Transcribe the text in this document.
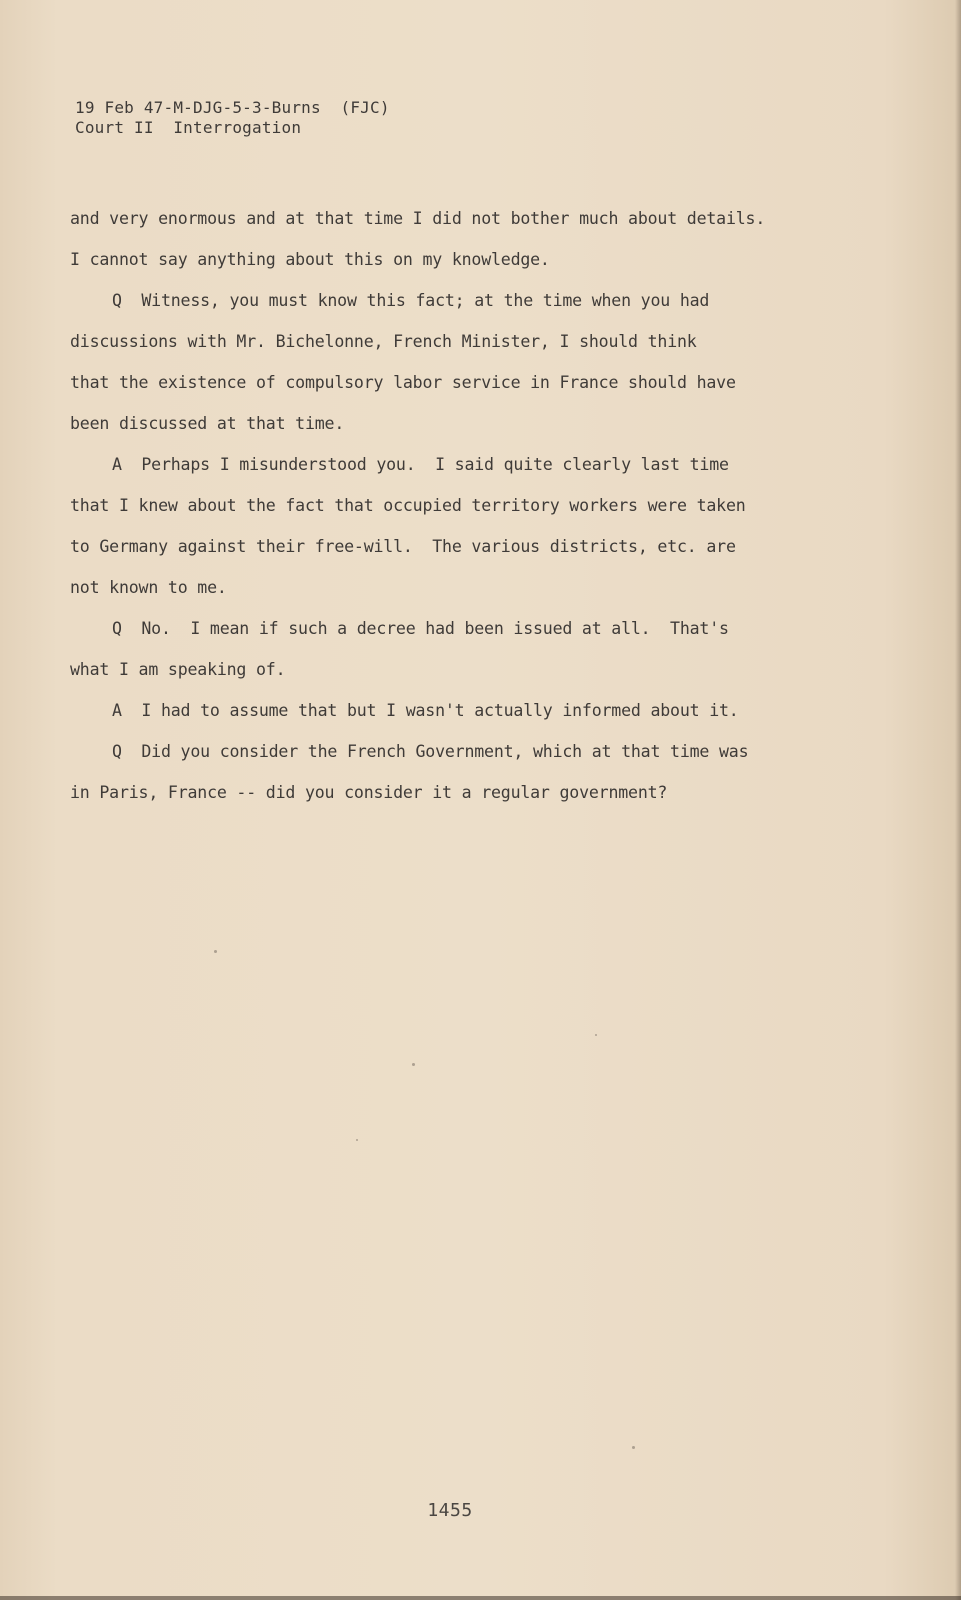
19 Feb 47-M-DJG-5-3-Burns  (FJC)
Court II  Interrogation
and very enormous and at that time I did not bother much about details.
I cannot say anything about this on my knowledge.
Q  Witness, you must know this fact; at the time when you had
discussions with Mr. Bichelonne, French Minister, I should think
that the existence of compulsory labor service in France should have
been discussed at that time.
A  Perhaps I misunderstood you.  I said quite clearly last time
that I knew about the fact that occupied territory workers were taken
to Germany against their free-will.  The various districts, etc. are
not known to me.
Q  No.  I mean if such a decree had been issued at all.  That's
what I am speaking of.
A  I had to assume that but I wasn't actually informed about it.
Q  Did you consider the French Government, which at that time was
in Paris, France -- did you consider it a regular government?
1455
